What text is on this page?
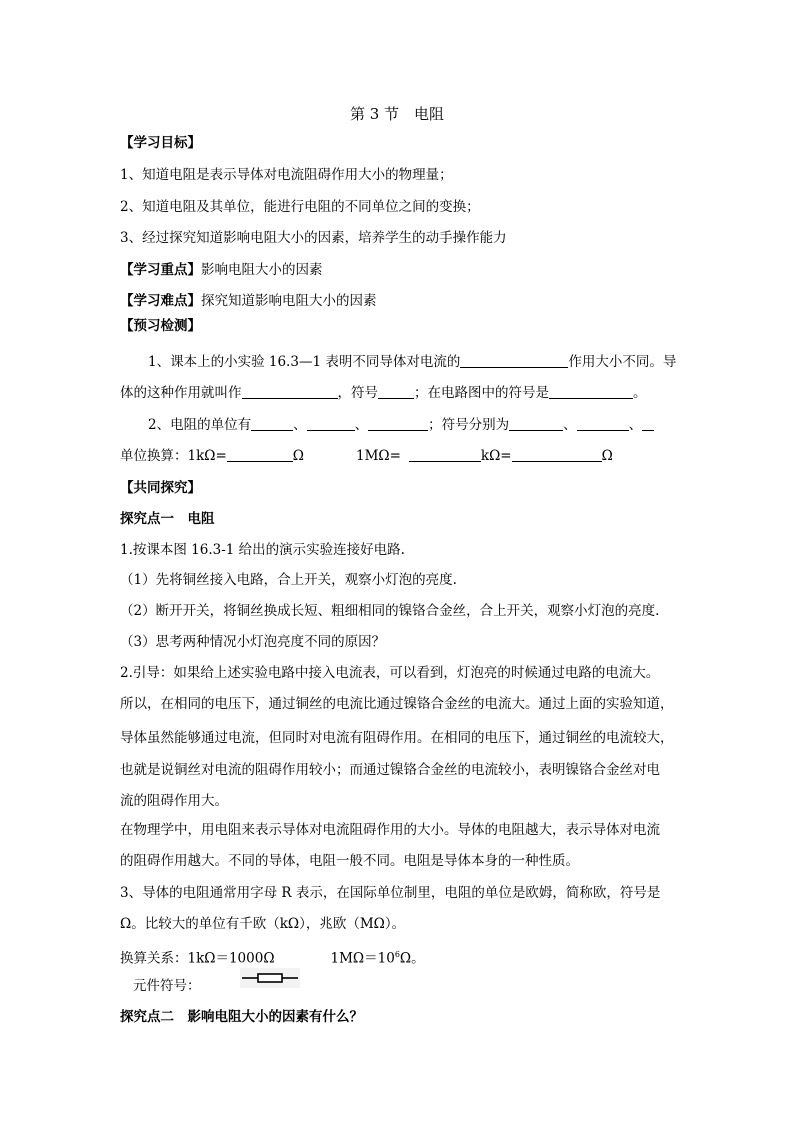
第 3 节　电阻
【学习目标】
1、知道电阻是表示导体对电流阻碍作用大小的物理量；
2、知道电阻及其单位，能进行电阻的不同单位之间的变换；
3、经过探究知道影响电阻大小的因素，培养学生的动手操作能力
【学习重点】影响电阻大小的因素
【学习难点】探究知道影响电阻大小的因素
【预习检测】
1、课本上的小实验 16.3—1 表明不同导体对电流的	作用大小不同。导
体的这种作用就叫作	，符号	；在电路图中的符号是	。
2、电阻的单位有	、	、	；符号分别为	、	、
单位换算：1kΩ=	Ω	1MΩ=	kΩ=	Ω
【共同探究】
探究点一　电阻
1.按课本图 16.3-1 给出的演示实验连接好电路.
（1）先将铜丝接入电路，合上开关，观察小灯泡的亮度.
（2）断开开关，将铜丝换成长短、粗细相同的镍铬合金丝，合上开关，观察小灯泡的亮度.
（3）思考两种情况小灯泡亮度不同的原因？
2.引导：如果给上述实验电路中接入电流表，可以看到，灯泡亮的时候通过电路的电流大。
所以，在相同的电压下，通过铜丝的电流比通过镍铬合金丝的电流大。通过上面的实验知道，
导体虽然能够通过电流，但同时对电流有阻碍作用。在相同的电压下，通过铜丝的电流较大，
也就是说铜丝对电流的阻碍作用较小；而通过镍铬合金丝的电流较小，表明镍铬合金丝对电
流的阻碍作用大。
在物理学中，用电阻来表示导体对电流阻碍作用的大小。导体的电阻越大，表示导体对电流
的阻碍作用越大。不同的导体，电阻一般不同。电阻是导体本身的一种性质。
3、导体的电阻通常用字母 R 表示，在国际单位制里，电阻的单位是欧姆，简称欧，符号是
Ω。比较大的单位有千欧（kΩ），兆欧（MΩ）。
换算关系：1kΩ＝1000Ω	$1M\Omega=10^6\Omega$。
元件符号：
探究点二　影响电阻大小的因素有什么？
